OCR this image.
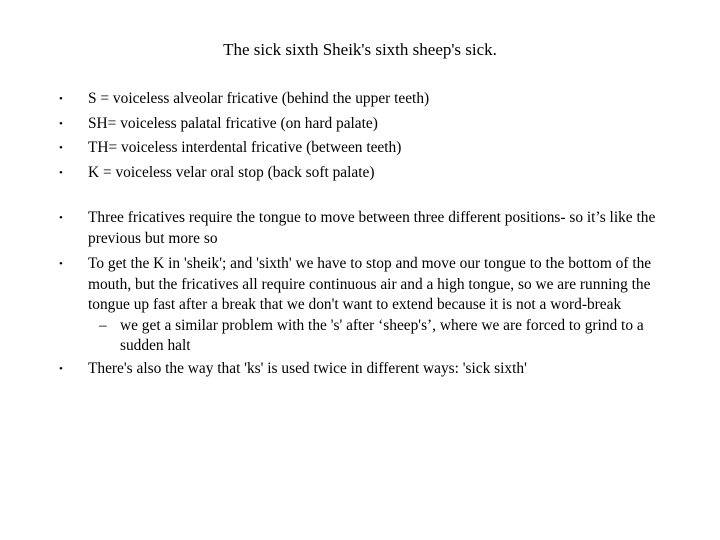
The sick sixth Sheik's sixth sheep's sick.
• S = voiceless alveolar fricative (behind the upper teeth)
• SH= voiceless palatal fricative (on hard palate)
• TH= voiceless interdental fricative (between teeth)
• K = voiceless velar oral stop (back soft palate)
• Three fricatives require the tongue to move between three different positions- so it’s like the previous but more so
• To get the K in 'sheik'; and 'sixth' we have to stop and move our tongue to the bottom of the mouth, but the fricatives all require continuous air and a high tongue, so we are running the tongue up fast after a break that we don't want to extend because it is not a word-break
– we get a similar problem with the 's' after ‘sheep's’, where we are forced to grind to a sudden halt
• There's also the way that 'ks' is used twice in different ways: 'sick sixth'
